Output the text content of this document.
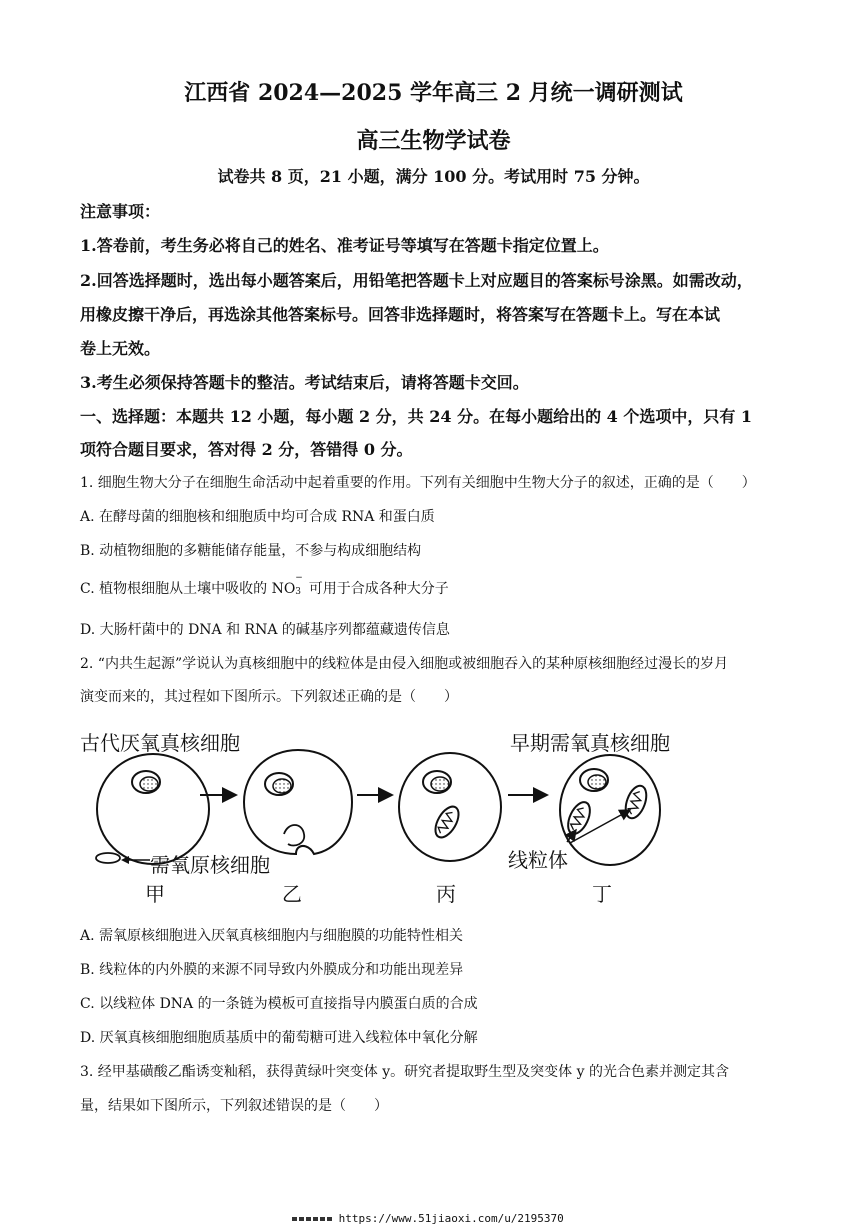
江西省 2024—2025 学年高三 2 月统一调研测试
高三生物学试卷
试卷共 8 页，21 小题，满分 100 分。考试用时 75 分钟。
注意事项：
1.答卷前，考生务必将自己的姓名、准考证号等填写在答题卡指定位置上。
2.回答选择题时，选出每小题答案后，用铅笔把答题卡上对应题目的答案标号涂黑。如需改动，
用橡皮擦干净后，再选涂其他答案标号。回答非选择题时，将答案写在答题卡上。写在本试
卷上无效。
3.考生必须保持答题卡的整洁。考试结束后，请将答题卡交回。
一、选择题：本题共 12 小题，每小题 2 分，共 24 分。在每小题给出的 4 个选项中，只有 1
项符合题目要求，答对得 2 分，答错得 0 分。
1. 细胞生物大分子在细胞生命活动中起着重要的作用。下列有关细胞中生物大分子的叙述，正确的是（　　）
A. 在酵母菌的细胞核和细胞质中均可合成 RNA 和蛋白质
B. 动植物细胞的多糖能储存能量，不参与构成细胞结构
C. 植物根细胞从土壤中吸收的 NO
−
3 可用于合成各种大分子
D. 大肠杆菌中的 DNA 和 RNA 的碱基序列都蕴藏遗传信息
2. “内共生起源”学说认为真核细胞中的线粒体是由侵入细胞或被细胞吞入的某种原核细胞经过漫长的岁月
演变而来的，其过程如下图所示。下列叙述正确的是（　　）
古代厌氧真核细胞	早期需氧真核细胞
需氧原核细胞	线粒体
甲	乙	丙	丁
A. 需氧原核细胞进入厌氧真核细胞内与细胞膜的功能特性相关
B. 线粒体的内外膜的来源不同导致内外膜成分和功能出现差异
C. 以线粒体 DNA 的一条链为模板可直接指导内膜蛋白质的合成
D. 厌氧真核细胞细胞质基质中的葡萄糖可进入线粒体中氧化分解
3. 经甲基磺酸乙酯诱变籼稻，获得黄绿叶突变体 y。研究者提取野生型及突变体 y 的光合色素并测定其含
量，结果如下图所示，下列叙述错误的是（　　）
https://www.51jiaoxi.com/u/2195370
